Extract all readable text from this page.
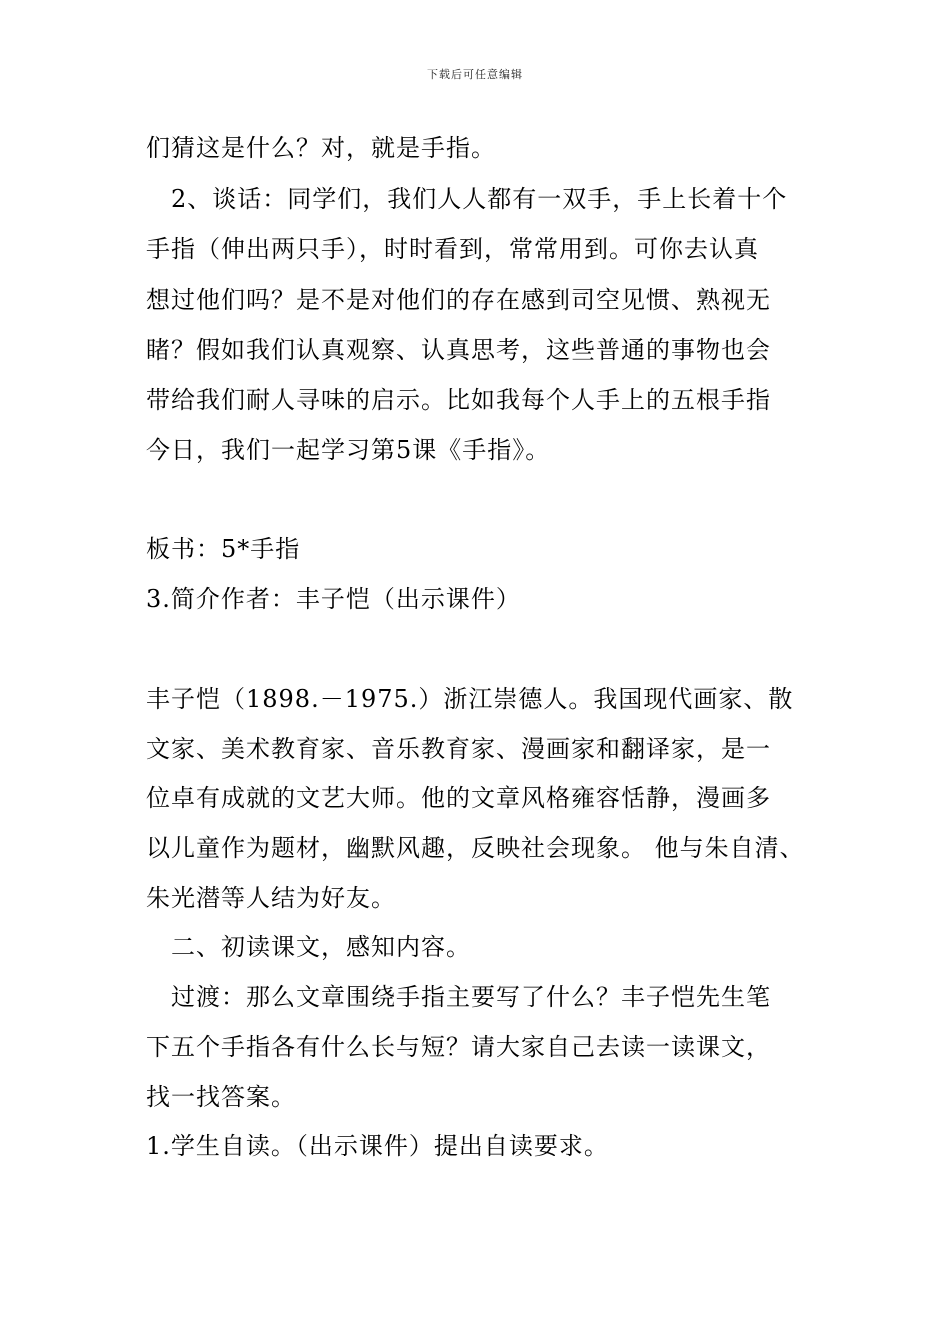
下载后可任意编辑
们猜这是什么？对，就是手指。
　2、谈话：同学们，我们人人都有一双手，手上长着十个
手指（伸出两只手），时时看到，常常用到。可你去认真
想过他们吗？是不是对他们的存在感到司空见惯、熟视无
睹？假如我们认真观察、认真思考，这些普通的事物也会
带给我们耐人寻味的启示。比如我每个人手上的五根手指
今日，我们一起学习第5课《手指》。
板书：5*手指
3.简介作者：丰子恺（出示课件）
丰子恺（1898.－1975.）浙江崇德人。我国现代画家、散
文家、美术教育家、音乐教育家、漫画家和翻译家，是一
位卓有成就的文艺大师。他的文章风格雍容恬静，漫画多
以儿童作为题材，幽默风趣，反映社会现象。 他与朱自清、
朱光潜等人结为好友。
　二、初读课文，感知内容。
　过渡：那么文章围绕手指主要写了什么？丰子恺先生笔
下五个手指各有什么长与短？请大家自己去读一读课文，
找一找答案。
1.学生自读。（出示课件）提出自读要求。
